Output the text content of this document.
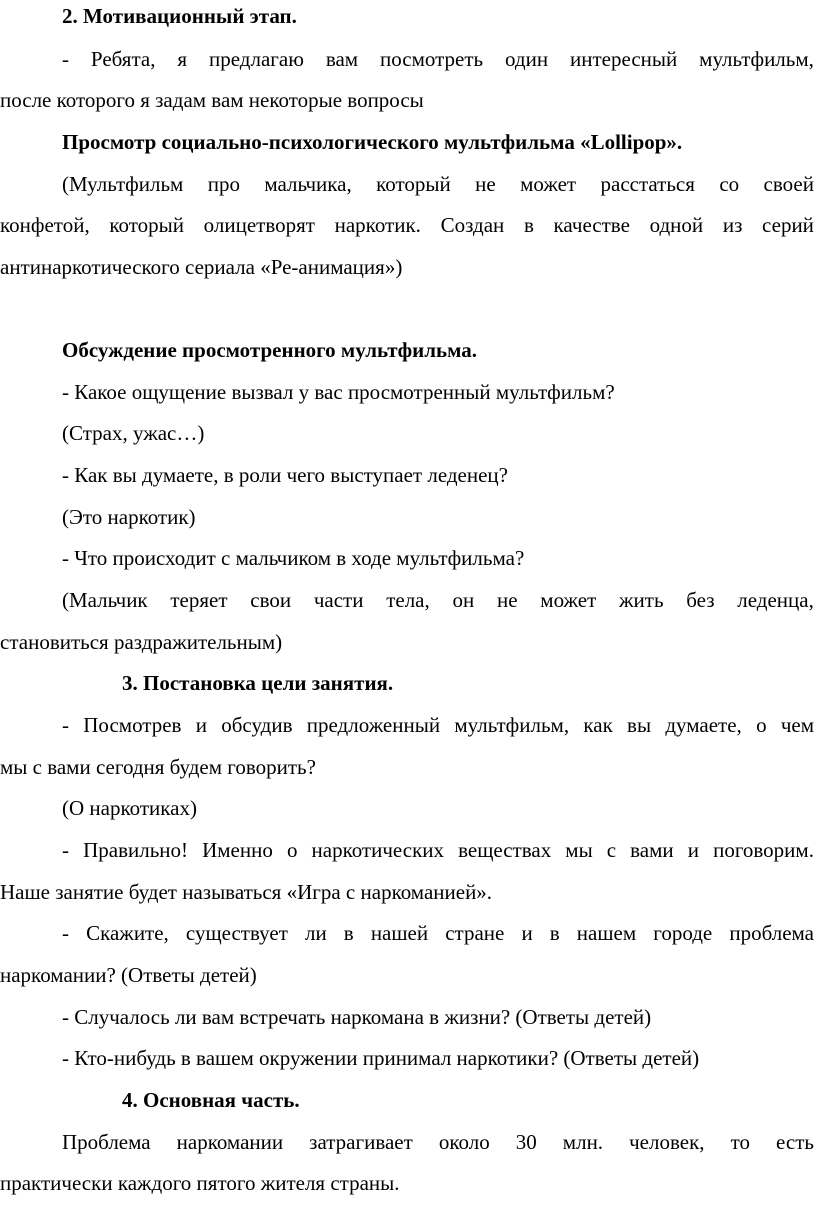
2. Мотивационный этап.
- Ребята, я предлагаю вам посмотреть один интересный мультфильм,
после которого я задам вам некоторые вопросы
Просмотр социально-психологического мультфильма «Lollipop».
(Мультфильм про мальчика, который не может расстаться со своей
конфетой, который олицетворят наркотик. Создан в качестве одной из серий
антинаркотического сериала «Ре-анимация»)
Обсуждение просмотренного мультфильма.
- Какое ощущение вызвал у вас просмотренный мультфильм?
(Страх, ужас…)
- Как вы думаете, в роли чего выступает леденец?
(Это наркотик)
- Что происходит с мальчиком в ходе мультфильма?
(Мальчик теряет свои части тела, он не может жить без леденца,
становиться раздражительным)
3. Постановка цели занятия.
- Посмотрев и обсудив предложенный мультфильм, как вы думаете, о чем
мы с вами сегодня будем говорить?
(О наркотиках)
- Правильно! Именно о наркотических веществах мы с вами и поговорим.
Наше занятие будет называться «Игра с наркоманией».
- Скажите, существует ли в нашей стране и в нашем городе проблема
наркомании? (Ответы детей)
- Случалось ли вам встречать наркомана в жизни? (Ответы детей)
- Кто-нибудь в вашем окружении принимал наркотики? (Ответы детей)
4. Основная часть.
Проблема наркомании затрагивает около 30 млн. человек, то есть
практически каждого пятого жителя страны.
